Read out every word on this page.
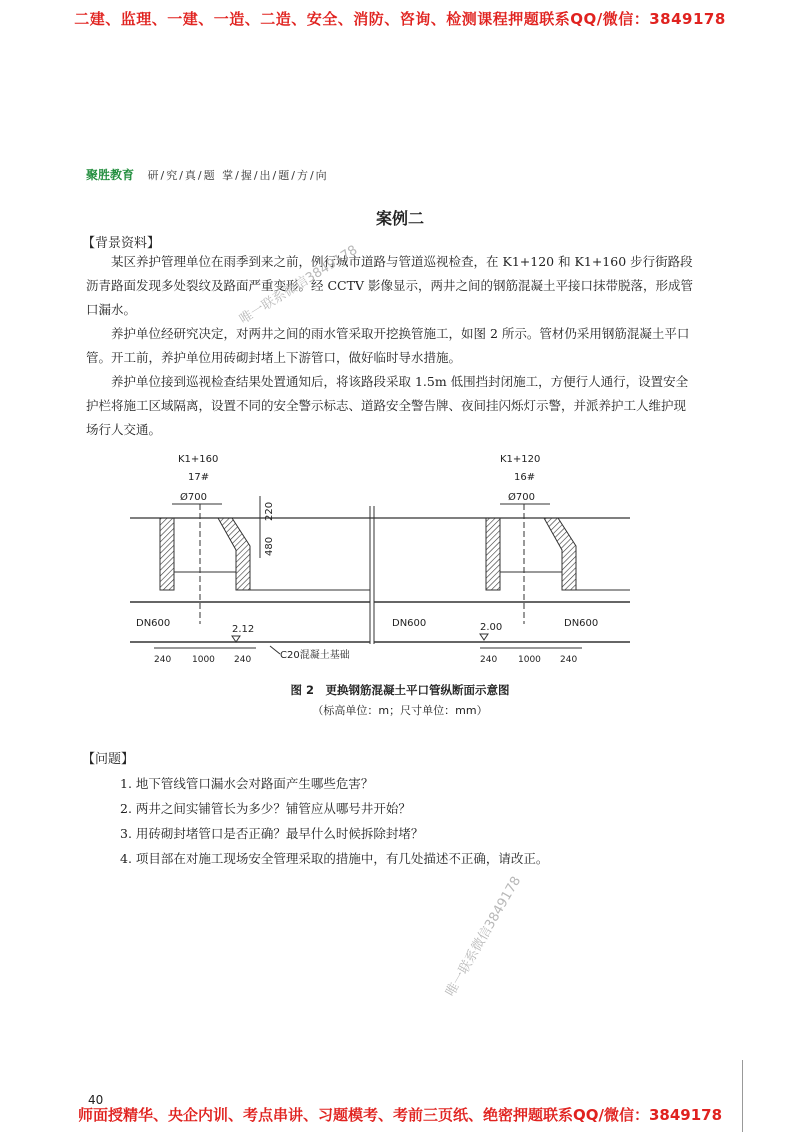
二建、监理、一建、一造、二造、安全、消防、咨询、检测课程押题联系QQ/微信：3849178
聚胜教育 研/究/真/题 掌/握/出/题/方/向
案例二
【背景资料】

某区养护管理单位在雨季到来之前，例行城市道路与管道巡视检查，在 K1+120 和 K1+160 步行街路段沥青路面发现多处裂纹及路面严重变形。经 CCTV 影像显示，两井之间的钢筋混凝土平接口抹带脱落，形成管口漏水。

养护单位经研究决定，对两井之间的雨水管采取开挖换管施工，如图 2 所示。管材仍采用钢筋混凝土平口管。开工前，养护单位用砖砌封堵上下游管口，做好临时导水措施。

养护单位接到巡视检查结果处置通知后，将该路段采取 1.5m 低围挡封闭施工，方便行人通行，设置安全护栏将施工区域隔离，设置不同的安全警示标志、道路安全警告牌、夜间挂闪烁灯示警，并派养护工人维护现场行人交通。

唯一联系微信3849178
K1+160
17#
Ø700
220
480
K1+120
16#
Ø700
DN600	DN600	DN600
2.12	2.00
C20混凝土基础
240 1000 240	240 1000 240
图 2　更换钢筋混凝土平口管纵断面示意图
（标高单位：m；尺寸单位：mm）
【问题】
1. 地下管线管口漏水会对路面产生哪些危害？
2. 两井之间实铺管长为多少？铺管应从哪号井开始？
3. 用砖砌封堵管口是否正确？最早什么时候拆除封堵？
4. 项目部在对施工现场安全管理采取的措施中，有几处描述不正确，请改正。
唯一联系微信3849178
40
师面授精华、央企内训、考点串讲、习题模考、考前三页纸、绝密押题联系QQ/微信：3849178
